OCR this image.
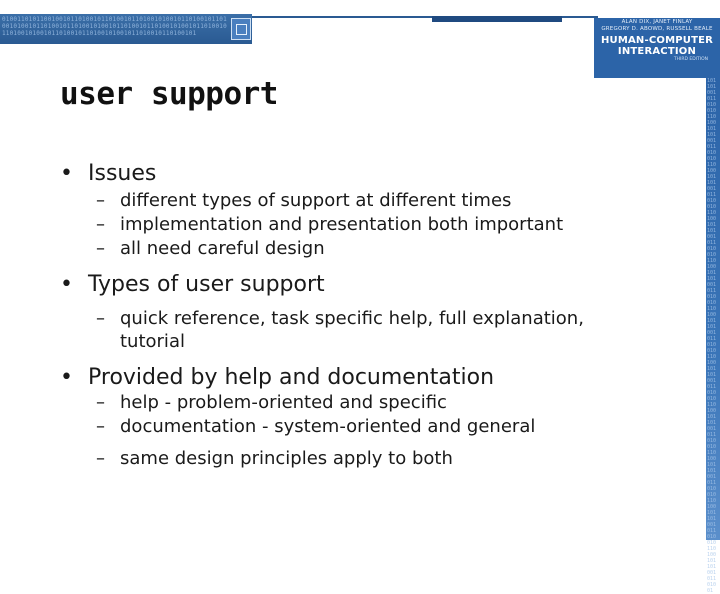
0100110101100100101101001011010010110100101001011010010110100101001011010010110100101001011010010110100101001011010010110100101001011010010110100101001011010010110100101
ALAN DIX, JANET FINLAY
GREGORY D. ABOWD, RUSSELL BEALE
HUMAN-COMPUTER
INTERACTION
THIRD EDITION
10110100101101001011010010110100101101001011010010110100101101001011010010110100101101001011010010110100101101001011010010110100101101001011010010110100101101001011010010110100101101001011010010110100101101001011010010110100101101001011010010110100101101001
user support
• Issues
– different types of support at different times
– implementation and presentation both important
– all need careful design
• Types of user support
– quick reference, task specific help, full explanation,
tutorial
• Provided by help and documentation
– help - problem-oriented and specific
– documentation - system-oriented and general
– same design principles apply to both
